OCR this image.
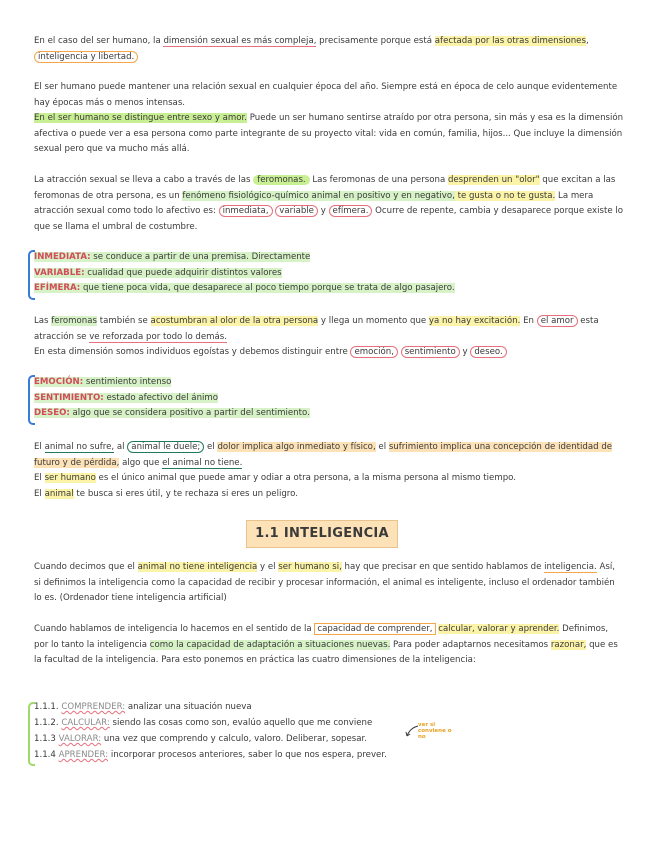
En el caso del ser humano, la dimensión sexual es más compleja, precisamente porque está afectada por las otras dimensiones, inteligencia y libertad.
El ser humano puede mantener una relación sexual en cualquier época del año. Siempre está en época de celo aunque evidentemente hay épocas más o menos intensas.
En el ser humano se distingue entre sexo y amor. Puede un ser humano sentirse atraído por otra persona, sin más y esa es la dimensión afectiva o puede ver a esa persona como parte integrante de su proyecto vital: vida en común, familia, hijos... Que incluye la dimensión sexual pero que va mucho más allá.
La atracción sexual se lleva a cabo a través de las feromonas. Las feromonas de una persona desprenden un "olor" que excitan a las feromonas de otra persona, es un fenómeno fisiológico-químico animal en positivo y en negativo, te gusta o no te gusta. La mera atracción sexual como todo lo afectivo es: inmediata, variable y efímera. Ocurre de repente, cambia y desaparece porque existe lo que se llama el umbral de costumbre.
INMEDIATA: se conduce a partir de una premisa. Directamente
VARIABLE: cualidad que puede adquirir distintos valores
EFÍMERA: que tiene poca vida, que desaparece al poco tiempo porque se trata de algo pasajero.
Las feromonas también se acostumbran al olor de la otra persona y llega un momento que ya no hay excitación. En el amor esta atracción se ve reforzada por todo lo demás.
En esta dimensión somos individuos egoístas y debemos distinguir entre emoción, sentimiento y deseo.
EMOCIÓN: sentimiento intenso
SENTIMIENTO: estado afectivo del ánimo
DESEO: algo que se considera positivo a partir del sentimiento.
El animal no sufre, al animal le duele; el dolor implica algo inmediato y físico, el sufrimiento implica una concepción de identidad de futuro y de pérdida, algo que el animal no tiene.
El ser humano es el único animal que puede amar y odiar a otra persona, a la misma persona al mismo tiempo.
El animal te busca si eres útil, y te rechaza si eres un peligro.
1.1 INTELIGENCIA
Cuando decimos que el animal no tiene inteligencia y el ser humano si, hay que precisar en que sentido hablamos de inteligencia. Así, si definimos la inteligencia como la capacidad de recibir y procesar información, el animal es inteligente, incluso el ordenador también lo es. (Ordenador tiene inteligencia artificial)
Cuando hablamos de inteligencia lo hacemos en el sentido de la capacidad de comprender, calcular, valorar y aprender. Definimos, por lo tanto la inteligencia como la capacidad de adaptación a situaciones nuevas. Para poder adaptarnos necesitamos razonar, que es la facultad de la inteligencia. Para esto ponemos en práctica las cuatro dimensiones de la inteligencia:
1.1.1. COMPRENDER: analizar una situación nueva
1.1.2. CALCULAR: siendo las cosas como son, evalúo aquello que me conviene
1.1.3 VALORAR: una vez que comprendo y calculo, valoro. Deliberar, sopesar.
1.1.4 APRENDER: incorporar procesos anteriores, saber lo que nos espera, prever.
ver si
conviene o
no
